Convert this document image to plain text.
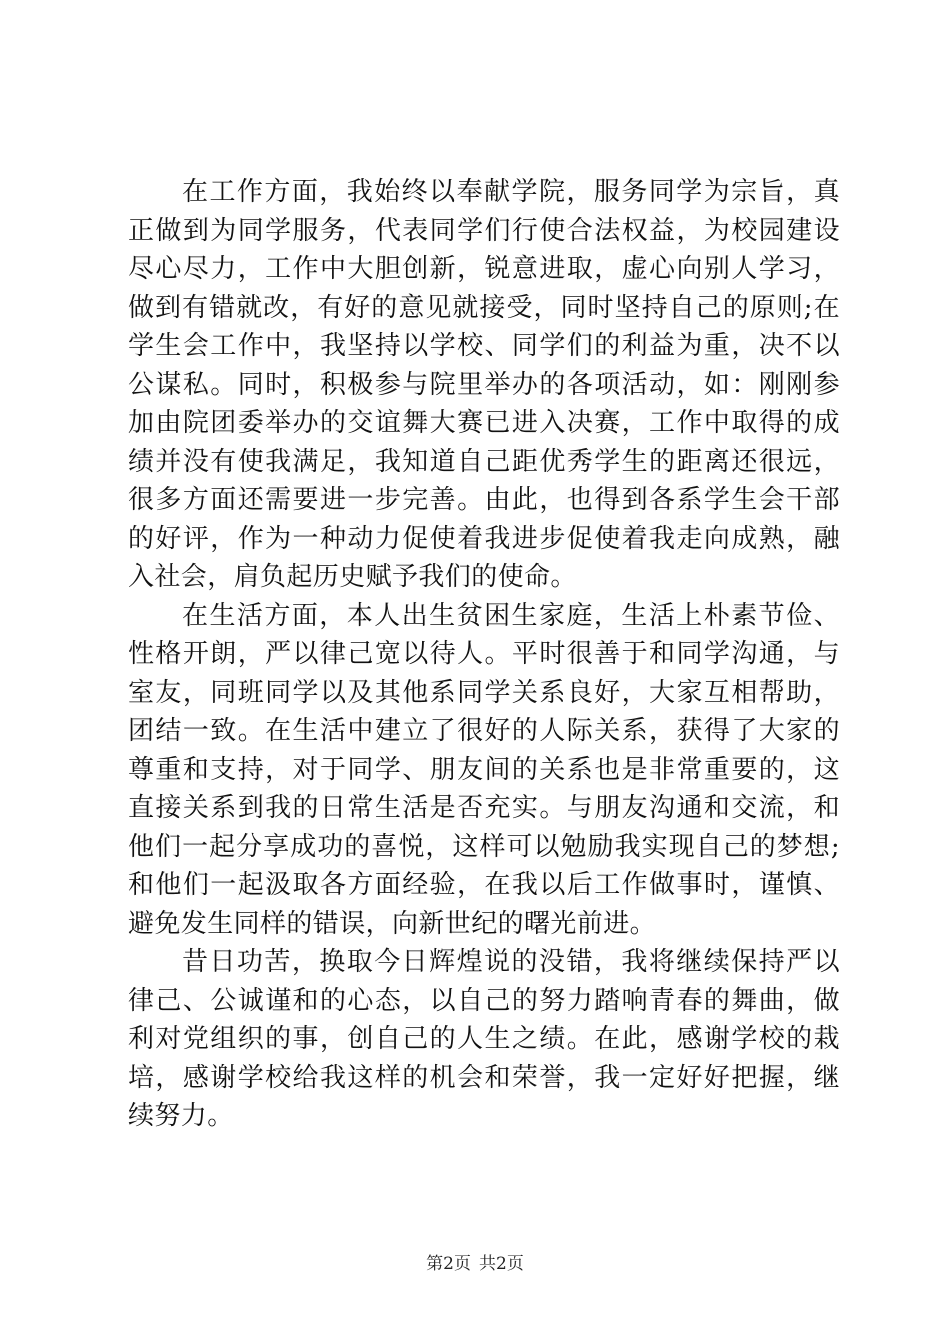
在工作方面，我始终以奉献学院，服务同学为宗旨，真正做到为同学服务，代表同学们行使合法权益，为校园建设尽心尽力，工作中大胆创新，锐意进取，虚心向别人学习，做到有错就改，有好的意见就接受，同时坚持自己的原则;在学生会工作中，我坚持以学校、同学们的利益为重，决不以公谋私。同时，积极参与院里举办的各项活动，如：刚刚参加由院团委举办的交谊舞大赛已进入决赛，工作中取得的成绩并没有使我满足，我知道自己距优秀学生的距离还很远，很多方面还需要进一步完善。由此，也得到各系学生会干部的好评，作为一种动力促使着我进步促使着我走向成熟，融入社会，肩负起历史赋予我们的使命。

在生活方面，本人出生贫困生家庭，生活上朴素节俭、性格开朗，严以律己宽以待人。平时很善于和同学沟通，与室友，同班同学以及其他系同学关系良好，大家互相帮助，团结一致。在生活中建立了很好的人际关系，获得了大家的尊重和支持，对于同学、朋友间的关系也是非常重要的，这直接关系到我的日常生活是否充实。与朋友沟通和交流，和他们一起分享成功的喜悦，这样可以勉励我实现自己的梦想;和他们一起汲取各方面经验，在我以后工作做事时，谨慎、避免发生同样的错误，向新世纪的曙光前进。

昔日功苦，换取今日辉煌说的没错，我将继续保持严以律己、公诚谨和的心态，以自己的努力踏响青春的舞曲，做利对党组织的事，创自己的人生之绩。在此，感谢学校的栽培，感谢学校给我这样的机会和荣誉，我一定好好把握，继续努力。

第2页 共2页
